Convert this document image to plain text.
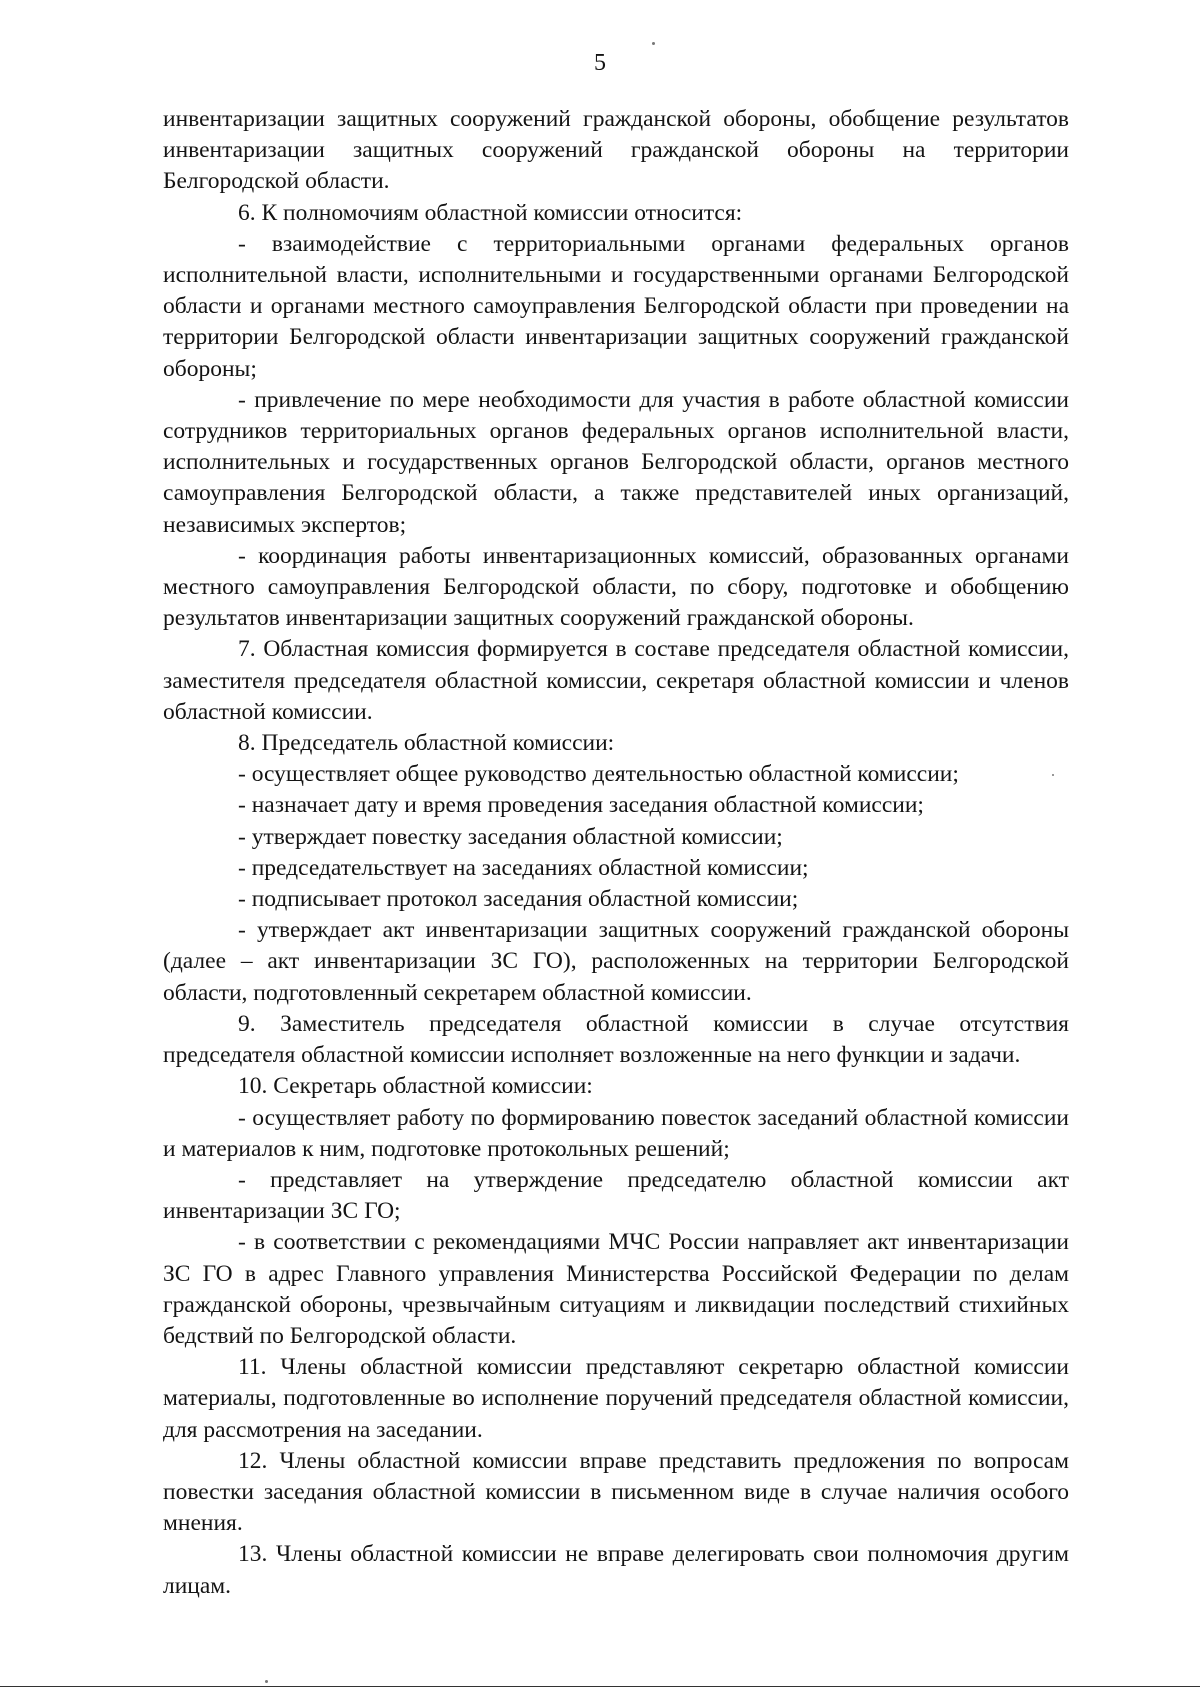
5

инвентаризации защитных сооружений гражданской обороны, обобщение результатов инвентаризации защитных сооружений гражданской обороны на территории Белгородской области.

6. К полномочиям областной комиссии относится:

- взаимодействие с территориальными органами федеральных органов исполнительной власти, исполнительными и государственными органами Белгородской области и органами местного самоуправления Белгородской области при проведении на территории Белгородской области инвентаризации защитных сооружений гражданской обороны;

- привлечение по мере необходимости для участия в работе областной комиссии сотрудников территориальных органов федеральных органов исполнительной власти, исполнительных и государственных органов Белгородской области, органов местного самоуправления Белгородской области, а также представителей иных организаций, независимых экспертов;

- координация работы инвентаризационных комиссий, образованных органами местного самоуправления Белгородской области, по сбору, подготовке и обобщению результатов инвентаризации защитных сооружений гражданской обороны.

7. Областная комиссия формируется в составе председателя областной комиссии, заместителя председателя областной комиссии, секретаря областной комиссии и членов областной комиссии.

8. Председатель областной комиссии:

- осуществляет общее руководство деятельностью областной комиссии;

- назначает дату и время проведения заседания областной комиссии;

- утверждает повестку заседания областной комиссии;

- председательствует на заседаниях областной комиссии;

- подписывает протокол заседания областной комиссии;

- утверждает акт инвентаризации защитных сооружений гражданской обороны (далее – акт инвентаризации ЗС ГО), расположенных на территории Белгородской области, подготовленный секретарем областной комиссии.

9. Заместитель председателя областной комиссии в случае отсутствия председателя областной комиссии исполняет возложенные на него функции и задачи.

10. Секретарь областной комиссии:

- осуществляет работу по формированию повесток заседаний областной комиссии и материалов к ним, подготовке протокольных решений;

- представляет на утверждение председателю областной комиссии акт инвентаризации ЗС ГО;

- в соответствии с рекомендациями МЧС России направляет акт инвентаризации ЗС ГО в адрес Главного управления Министерства Российской Федерации по делам гражданской обороны, чрезвычайным ситуациям и ликвидации последствий стихийных бедствий по Белгородской области.

11. Члены областной комиссии представляют секретарю областной комиссии материалы, подготовленные во исполнение поручений председателя областной комиссии, для рассмотрения на заседании.

12. Члены областной комиссии вправе представить предложения по вопросам повестки заседания областной комиссии в письменном виде в случае наличия особого мнения.

13. Члены областной комиссии не вправе делегировать свои полномочия другим лицам.
